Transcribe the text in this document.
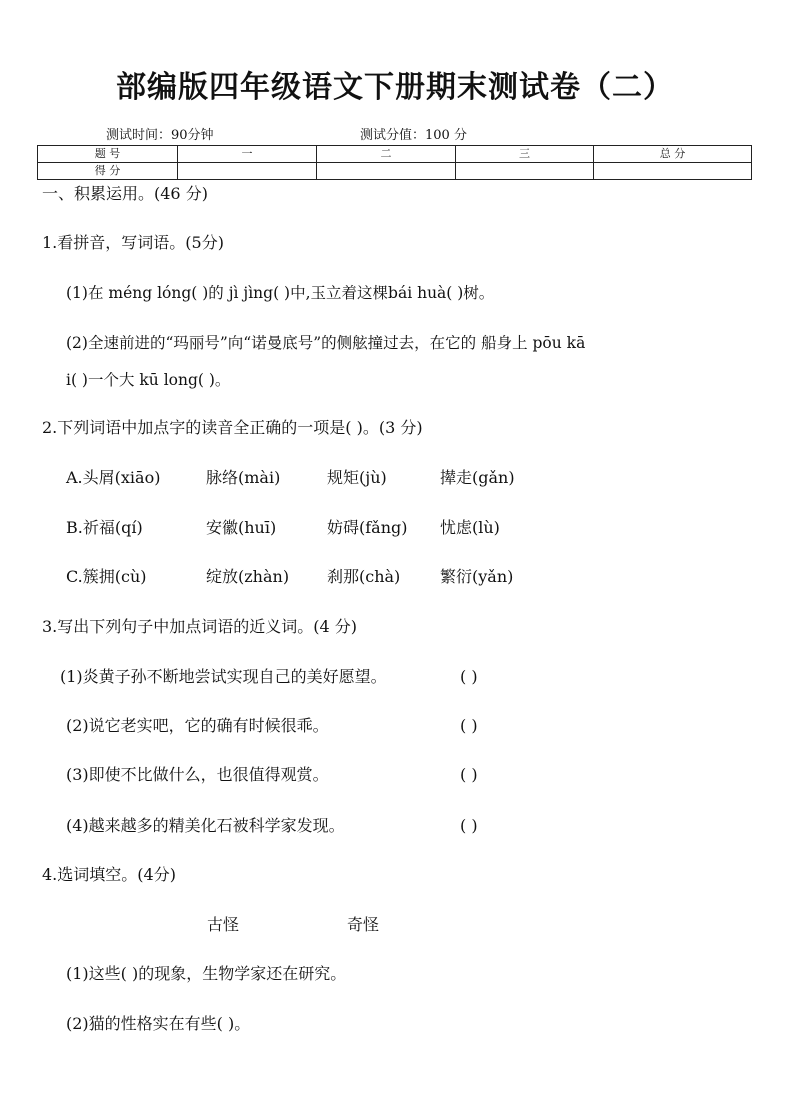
部编版四年级语文下册期末测试卷（二）
测试时间：90分钟	测试分值：100 分
题 号	一	二	三	总 分
得 分				
一、积累运用。(46 分)
1.看拼音，写词语。(5分)
(1)在 méng lóng( )的 jì jìng( )中,玉立着这棵bái huà( )树。
(2)全速前进的“玛丽号”向“诺曼底号”的侧舷撞过去，在它的 船身上 pōu kā
i( )一个大 kū long( )。
2.下列词语中加点字的读音全正确的一项是( )。(3 分)
A.头屑(xiāo)	脉络(mài)	规矩(jù)	撵走(gǎn)
B.祈福(qí)	安徽(huī)	妨碍(fǎng) 忧虑(lù)
C.簇拥(cù)	绽放(zhàn) 刹那(chà) 繁衍(yǎn)
3.写出下列句子中加点词语的近义词。(4 分)
(1)炎黄子孙不断地尝试实现自己的美好愿望。	( )
(2)说它老实吧，它的确有时候很乖。	( )
(3)即使不比做什么，也很值得观赏。	( )
(4)越来越多的精美化石被科学家发现。	( )
4.选词填空。(4分)
古怪	奇怪
(1)这些( )的现象，生物学家还在研究。
(2)猫的性格实在有些( )。
